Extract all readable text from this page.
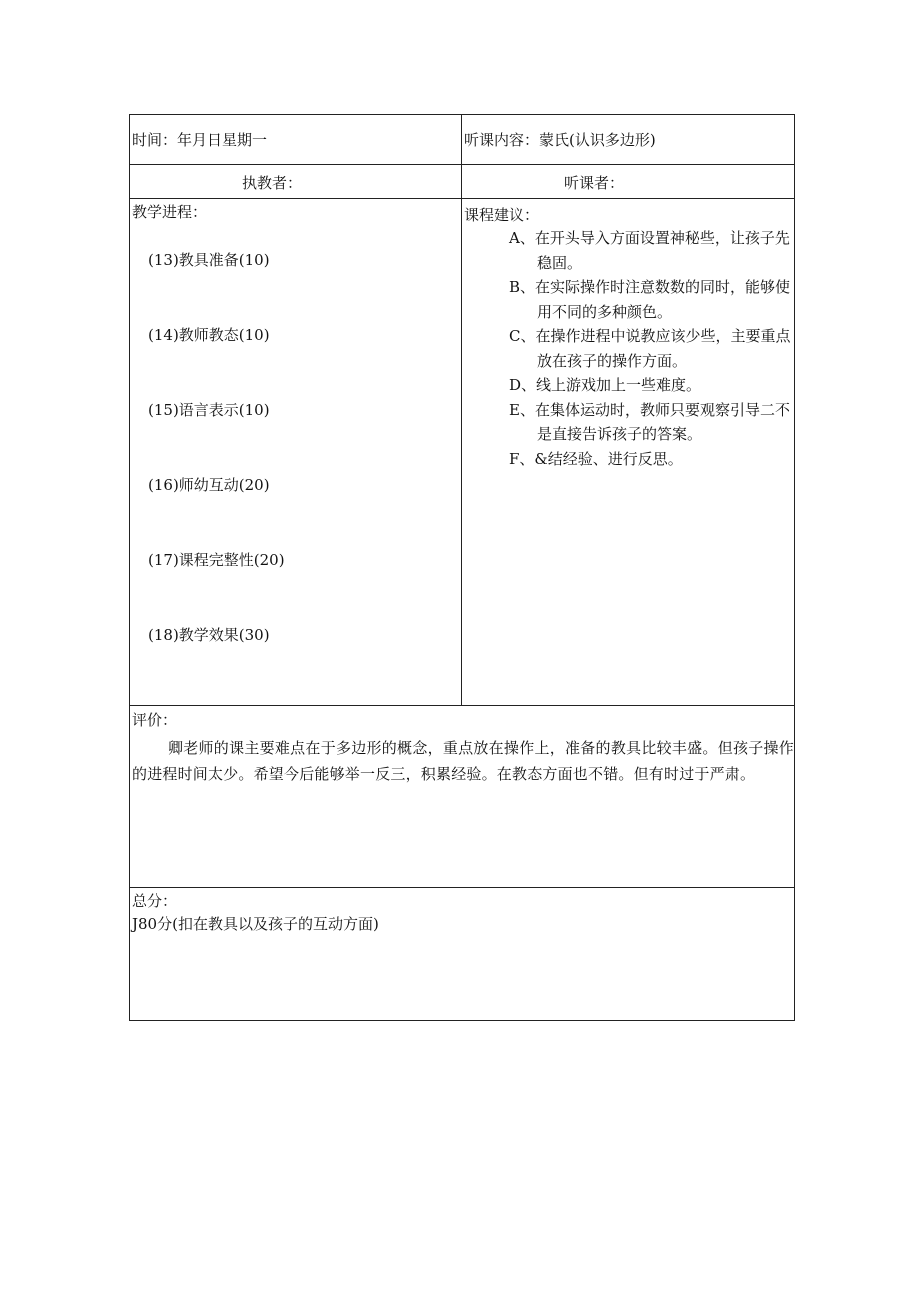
时间：年月日星期一	听课内容：蒙氏(认识多边形)
执教者：	听课者：
教学进程：
(13)教具准备(10)
(14)教师教态(10)
(15)语言表示(10)
(16)师幼互动(20)
(17)课程完整性(20)
(18)教学效果(30)
课程建议：

A、在开头导入方面设置神秘些，让孩子先稳固。

B、在实际操作时注意数数的同时，能够使用不同的多种颜色。

C、在操作进程中说教应该少些，主要重点放在孩子的操作方面。

D、线上游戏加上一些难度。

E、在集体运动时，教师只要观察引导二不是直接告诉孩子的答案。

F、&结经验、进行反思。

评价：
卿老师的课主要难点在于多边形的概念，重点放在操作上，准备的教具比较丰盛。但孩子操作的进程时间太少。希望今后能够举一反三，积累经验。在教态方面也不错。但有时过于严肃。
总分：
J80分(扣在教具以及孩子的互动方面)
